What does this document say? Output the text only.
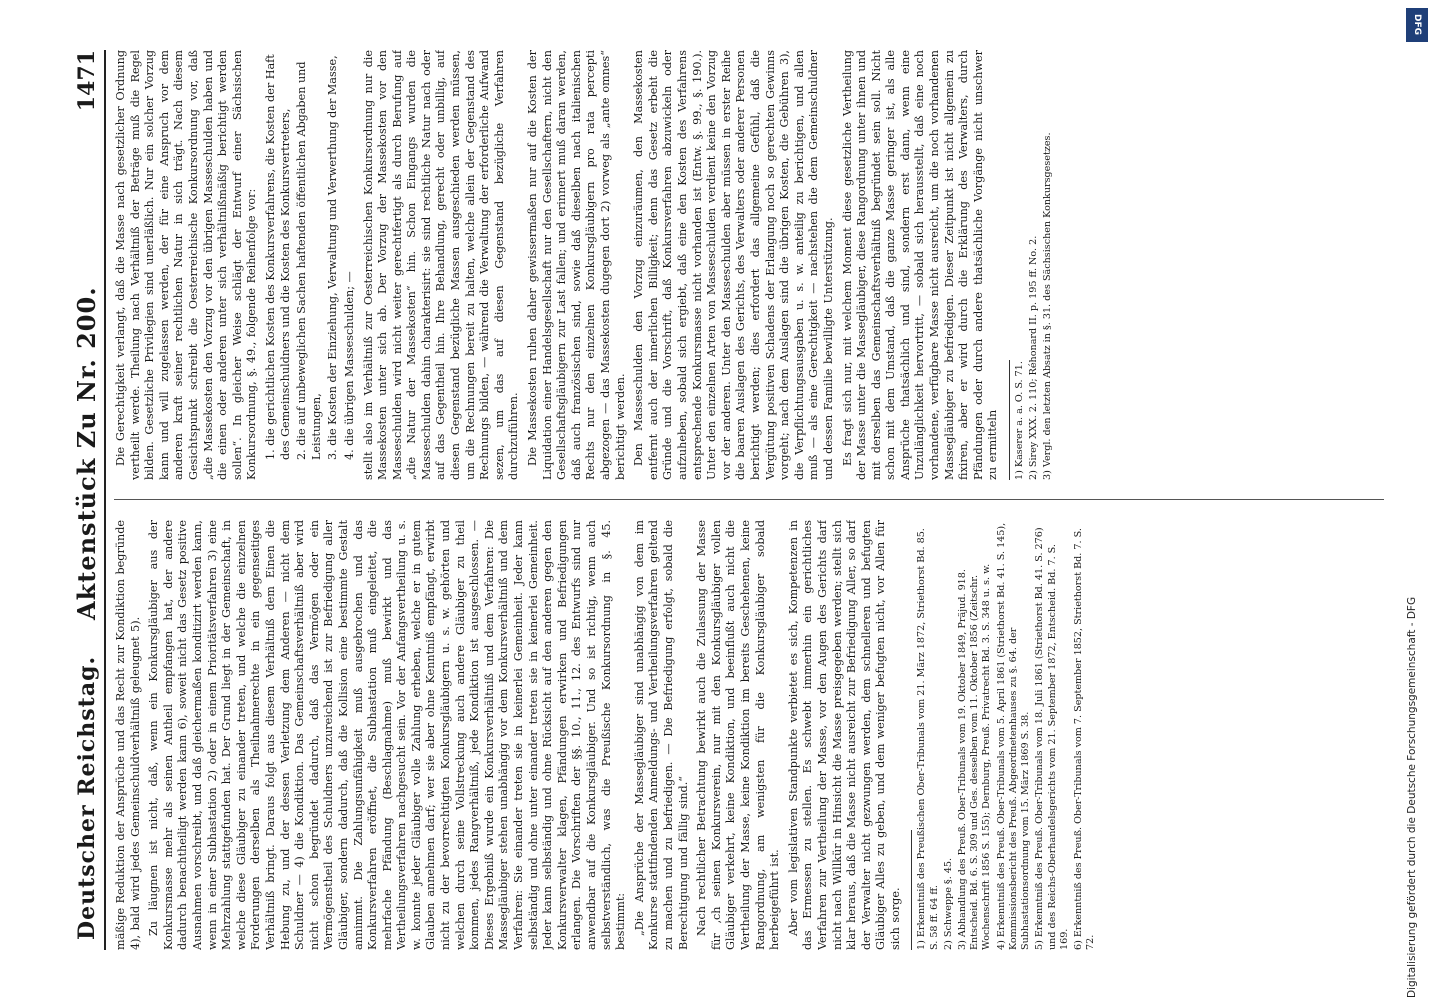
Deutscher Reichstag.
Aktenstück Zu Nr. 200.
1471

mäßige Reduktion der Ansprüche und das Recht zur Kondiktion begründe 4), bald wird jedes Gemeinschuldverhältniß geleugnet 5). Zu läugnen ist nicht, daß, wenn ein Konkursgläubiger aus der Konkursmasse mehr als seinen Antheil empfangen hat, der andere dadurch benachtheiligt werden kann 6), soweit nicht das Gesetz positive Ausnahmen vorschreibt, und daß gleichermaßen konditizirt werden kann, wenn in einer Subhastation 2) oder in einem Prioritätsverfahren 3) eine Mehrzahlung stattgefunden hat. Der Grund liegt in der Gemeinschaft, in welche diese Gläubiger zu einander treten, und welche die einzelnen Forderungen derselben als Theilnahmerechte in ein gegenseitiges Verhältniß bringt. Daraus folgt aus diesem Verhältniß dem Einen die Hebung zu, und der dessen Verletzung dem Anderen — nicht dem Schuldner — 4) die Kondiktion. Das Gemeinschaftsverhältniß aber wird nicht schon begründet dadurch, daß das Vermögen oder ein Vermögenstheil des Schuldners unzureichend ist zur Befriedigung aller Gläubiger, sondern dadurch, daß die Kollision eine bestimmte Gestalt annimmt. Die Zahlungsunfähigkeit muß ausgebrochen und das Konkursverfahren eröffnet, die Subhastation muß eingeleitet, die mehrfache Pfändung (Beschlagnahme) muß bewirkt und das Vertheilungsverfahren nachgesucht sein. Vor der Anfangsvertheilung u. s. w. konnte jeder Gläubiger volle Zahlung erheben, welche er in gutem Glauben annehmen darf; wer sie aber ohne Kenntniß empfängt, erwirbt nicht zu der bevorrechtigten Konkursgläubigern u. s. w. gehörten und welchen durch seine Vollstreckung auch andere Gläubiger zu theil kommen, jedes Rangverhältniß, jede Kondiktion ist ausgeschlossen. — Dieses Ergebniß wurde ein Konkursverhältniß und dem Verfahren: Die Massegläubiger stehen unabhängig vor dem Konkursverhältniß und dem Verfahren: Sie einander treten sie in keinerlei Gemeinheit. Jeder kann selbständig und ohne unter einander treten sie in keinerlei Gemeinheit. Jeder kann selbständig und ohne Rücksicht auf den anderen gegen den Konkursverwalter klagen, Pfändungen erwirken und Befriedigungen erlangen. Die Vorschriften der §§. 10., 11., 12. des Entwurfs sind nur anwendbar auf die Konkursgläubiger. Und so ist richtig, wenn auch selbstverständlich, was die Preußische Konkursordnung in §. 45. bestimmt: „Die Ansprüche der Massegläubiger sind unabhängig von dem im Konkurse stattfindenden Anmeldungs- und Vertheilungsverfahren geltend zu machen und zu befriedigen. — Die Befriedigung erfolgt, sobald die Berechtigung und fällig sind.“ Nach rechtlicher Betrachtung bewirkt auch die Zulassung der Masse für ‚ch seinen Konkursverein, nur mit den Konkursgläubiger vollen Gläubiger verkehrt, keine Kondiktion, und beeinflußt auch nicht die Vertheilung der Masse, keine Kondiktion im bereits Geschehenen, keine Rangordnung, am wenigsten für die Konkursgläubiger sobald herbeigeführt ist. Aber vom legislativen Standpunkte verbietet es sich, Kompetenzen in das Ermessen zu stellen. Es schwebt immerhin ein gerichtliches Verfahren zur Vertheilung der Masse, vor den Augen des Gerichts darf nicht nach Willkür in Hinsicht die Masse preisgegeben werden; stellt sich klar heraus, daß die Masse nicht ausreicht zur Befriedigung Aller, so darf der Verwalter nicht gezwungen werden, dem schnelleren und befugten Gläubiger Alles zu geben, und dem weniger befugten nicht, vor Allen für sich sorge. 1) Erkenntniß des Preußischen Ober-Tribunals vom 21. März 1872, Striethorst Bd. 85. S. 58 ff. 64 ff. 2) Schweppe §. 45. 3) Abhandlung des Preuß. Ober-Tribunals vom 19. Oktober 1849, Präjud. 918. Entscheid. Bd. 6. S. 309 und Ges. desselben vom 11. Oktober 1856 (Zeitschr. Wochenschrift 1856 S. 155); Dernburg, Preuß. Privatrecht Bd. 3. S. 348 u. s. w. 4) Erkenntniß des Preuß. Ober-Tribunals vom 5. April 1861 (Striethorst Bd. 41. S. 145), Kommissionsbericht des Preuß. Abgeordnetenhauses zu §. 64. der Subhastationsordnung vom 15. März 1869 S. 38. 5) Erkenntniß des Preuß. Ober-Tribunals vom 18. Juli 1861 (Striethorst Bd. 41. S. 276) und des Reichs-Oberhandelsgerichts vom 21. September 1872, Entscheid. Bd. 7. S. 169. 6) Erkenntniß des Preuß. Ober-Tribunals vom 7. September 1852, Striethorst Bd. 7. S. 72.

Die Gerechtigkeit verlangt, daß die Masse nach gesetzlicher Ordnung vertheilt werde. Theilung nach Verhältniß der Beträge muß die Regel bilden. Gesetzliche Privilegien sind unerläßlich. Nur ein solcher Vorzug kann und will zugelassen werden, der für eine Anspruch vor dem anderen kraft seiner rechtlichen Natur in sich trägt. Nach diesem Gesichtspunkt schreibt die Oesterreichische Konkursordnung vor, daß „die Massekosten den Vorzug vor den übrigen Masseschulden haben und die einen oder anderen unter sich verhältnißmäßig berichtigt werden sollen“. In gleicher Weise schlägt der Entwurf einer Sächsischen Konkursordnung, §. 49., folgende Reihenfolge vor: 1. die gerichtlichen Kosten des Konkursverfahrens, die Kosten der Haft des Gemeinschuldners und die Kosten des Konkursvertreters, 2. die auf unbeweglichen Sachen haftenden öffentlichen Abgaben und Leistungen, 3. die Kosten der Einziehung, Verwaltung und Verwerthung der Masse, 4. die übrigen Masseschulden; — stellt also im Verhältniß zur Oesterreichischen Konkursordnung nur die Massekosten unter sich ab. Der Vorzug der Massekosten vor den Masseschulden wird nicht weiter gerechtfertigt als durch Berufung auf „die Natur der Massekosten“ hin. Schon Eingangs wurden die Masseschulden dahin charakterisirt: sie sind rechtliche Natur nach oder auf das Gegentheil hin. Ihre Behandlung, gerecht oder unbillig, auf diesen Gegenstand bezügliche Massen ausgeschieden werden müssen, um die Rechnungen bereit zu halten, welche allein der Gegenstand des Rechnungs bilden, — während die Verwaltung der erforderliche Aufwand sezen, um das auf diesen Gegenstand bezügliche Verfahren durchzuführen. Die Massekosten ruhen daher gewissermaßen nur auf die Kosten der Liquidation einer Handelsgesellschaft nur den Gesellschaftern, nicht den Gesellschaftsgläubigern zur Last fallen; und erinnert muß daran werden, daß auch französischen sind, sowie daß dieselben nach italienischen Rechts nur den einzelnen Konkursgläubigern pro rata percepti abgezogen — das Massekosten dugegen dort 2) vorweg als „ante omnes“ berichtigt werden. Den Masseschulden den Vorzug einzuräumen, den Massekosten entfernt auch der innerlichen Billigkeit; denn das Gesetz erbeht die Gründe und die Vorschrift, daß Konkursverfahren abzuwickeln oder aufzuheben, sobald sich ergiebt, daß eine den Kosten des Verfahrens entsprechende Konkursmasse nicht vorhanden ist (Entw. §. 99., §. 190.). Unter den einzelnen Arten von Masseschulden verdient keine den Vorzug vor der anderen. Unter den Masseschulden aber müssen in erster Reihe die baaren Auslagen des Gerichts, des Verwalters oder anderer Personen berichtigt werden; dies erfordert das allgemeine Gefühl, daß die Vergütung positiven Schadens der Erlangung noch so gerechten Gewinns vorgeht; nach dem Auslagen sind die übrigen Kosten, die Gebühren 3), die Verpflichtungsausgaben u. s. w. anteilig zu berichtigen, und allen muß — als eine Gerechtigkeit — nachstehen die dem Gemeinschuldner und dessen Familie bewilligte Unterstützung. Es fragt sich nur, mit welchem Moment diese gesetzliche Vertheilung der Masse unter die Massegläubiger, diese Rangordnung unter ihnen und mit derselben das Gemeinschaftsverhältniß begründet sein soll. Nicht schon mit dem Umstand, daß die ganze Masse geringer ist, als alle Ansprüche thatsächlich und sind, sondern erst dann, wenn eine Unzulänglichkeit hervortritt, — sobald sich herausstellt, daß eine noch vorhandene, verfügbare Masse nicht ausreicht, um die noch vorhandenen Massegläubiger zu befriedigen. Dieser Zeitpunkt ist nicht allgemein zu fixiren, aber er wird durch die Erklärung des Verwalters, durch Pfändungen oder durch andere thatsächliche Vorgänge nicht unschwer zu ermitteln 1) Kaserer a. a. O. S. 71. 2) Sirey XXX. 2. 110; Réhonard II. p. 195 ff. No. 2. 3) Vergl. den letzten Absatz in §. 31. des Sächsischen Konkursgesetzes.

DFG
Digitalisierung gefördert durch die Deutsche Forschungsgemeinschaft - DFG
